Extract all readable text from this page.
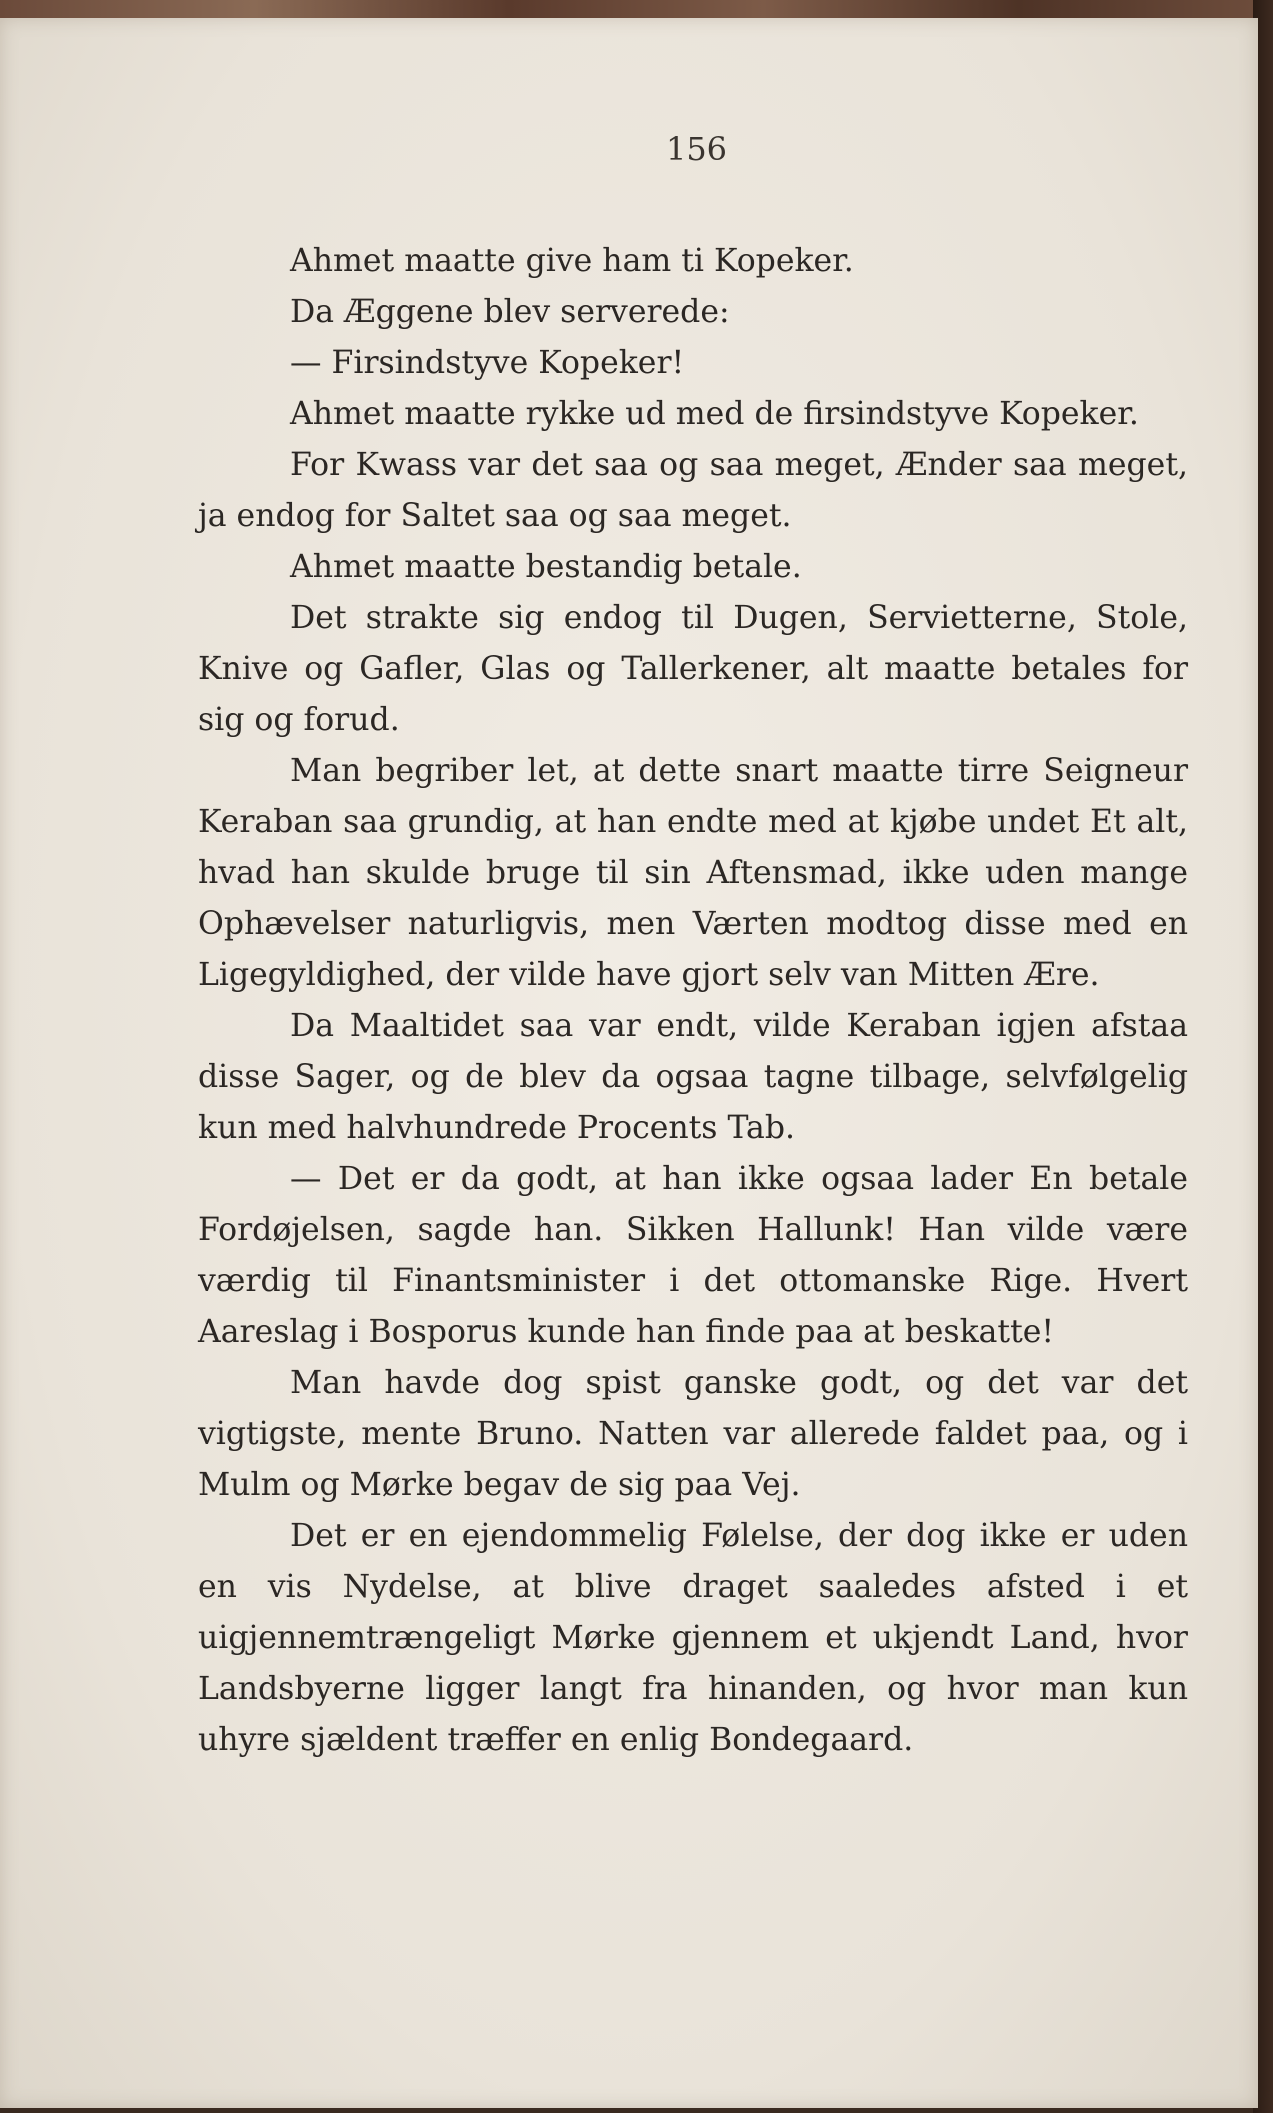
156

Ahmet maatte give ham ti Kopeker.

Da Æggene blev serverede:

— Firsindstyve Kopeker!

Ahmet maatte rykke ud med de firsindstyve Kopeker.

For Kwass var det saa og saa meget, Ænder saa meget, ja endog for Saltet saa og saa meget.

Ahmet maatte bestandig betale.

Det strakte sig endog til Dugen, Servietterne, Stole, Knive og Gafler, Glas og Tallerkener, alt maatte betales for sig og forud.

Man begriber let, at dette snart maatte tirre Seigneur Keraban saa grundig, at han endte med at kjøbe undet Et alt, hvad han skulde bruge til sin Aftensmad, ikke uden mange Ophævelser naturligvis, men Værten modtog disse med en Ligegyldighed, der vilde have gjort selv van Mitten Ære.

Da Maaltidet saa var endt, vilde Keraban igjen afstaa disse Sager, og de blev da ogsaa tagne tilbage, selvfølgelig kun med halvhundrede Procents Tab.

— Det er da godt, at han ikke ogsaa lader En betale Fordøjelsen, sagde han. Sikken Hallunk! Han vilde være værdig til Finantsminister i det ottomanske Rige. Hvert Aareslag i Bosporus kunde han finde paa at beskatte!

Man havde dog spist ganske godt, og det var det vigtigste, mente Bruno. Natten var allerede faldet paa, og i Mulm og Mørke begav de sig paa Vej.

Det er en ejendommelig Følelse, der dog ikke er uden en vis Nydelse, at blive draget saaledes afsted i et uigjennemtrængeligt Mørke gjennem et ukjendt Land, hvor Landsbyerne ligger langt fra hinanden, og hvor man kun uhyre sjældent træffer en enlig Bondegaard.
